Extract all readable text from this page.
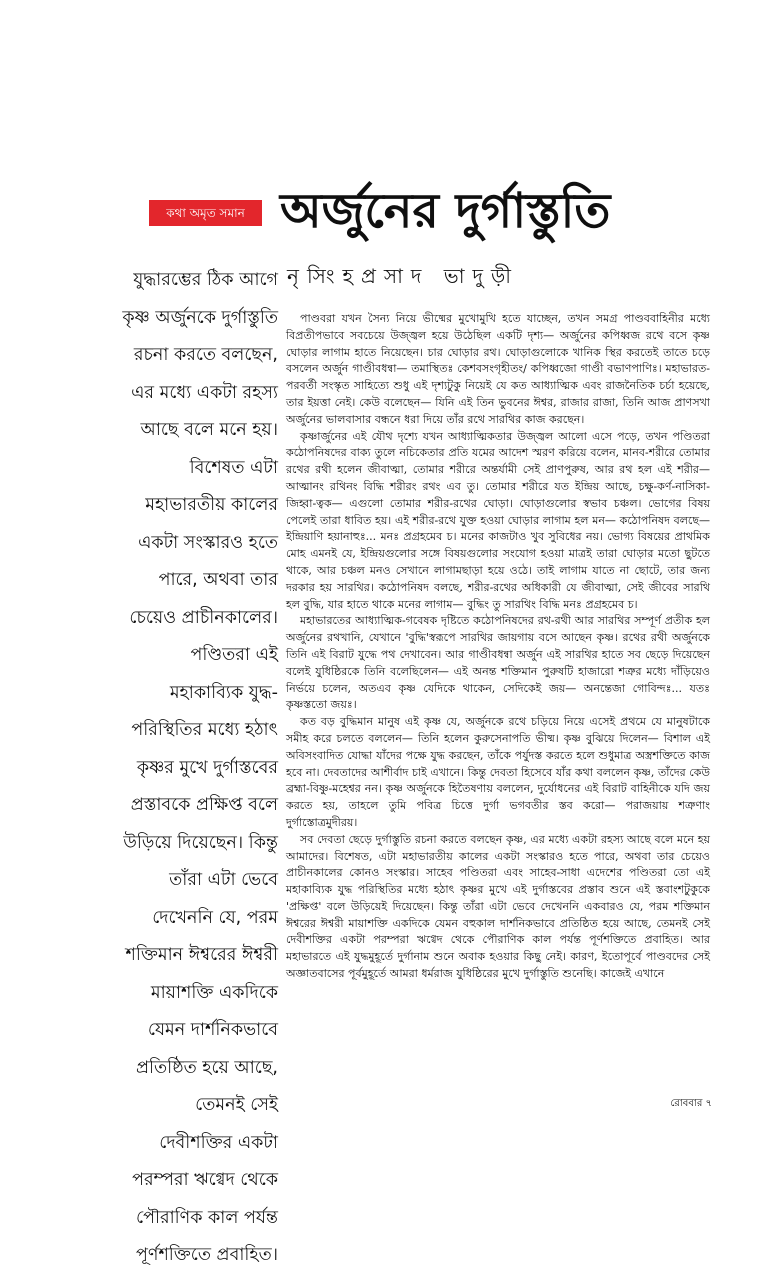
কথা অমৃত সমান অর্জুনের দুর্গাস্তুতি
নৃসিংহপ্রসাদ ভাদুড়ী
যুদ্ধারম্ভের ঠিক আগে
কৃষ্ণ অর্জুনকে দুর্গাস্তুতি
রচনা করতে বলছেন,
এর মধ্যে একটা রহস্য
আছে বলে মনে হয়।
বিশেষত এটা
মহাভারতীয় কালের
একটা সংস্কারও হতে
পারে, অথবা তার
চেয়েও প্রাচীনকালের।
পণ্ডিতরা এই
মহাকাব্যিক যুদ্ধ-
পরিস্থিতির মধ্যে হঠাৎ
কৃষ্ণর মুখে দুর্গাস্তবের
প্রস্তাবকে প্রক্ষিপ্ত বলে
উড়িয়ে দিয়েছেন। কিন্তু
তাঁরা এটা ভেবে
দেখেননি যে, পরম
শক্তিমান ঈশ্বরের ঈশ্বরী
মায়াশক্তি একদিকে
যেমন দার্শনিকভাবে
প্রতিষ্ঠিত হয়ে আছে,
তেমনই সেই
দেবীশক্তির একটা
পরম্পরা ঋগ্বেদ থেকে
পৌরাণিক কাল পর্যন্ত
পূর্ণশক্তিতে প্রবাহিত।

পাণ্ডবরা যখন সৈন্য নিয়ে ভীষ্মের মুখোমুখি হতে যাচ্ছেন, তখন সমগ্র পাণ্ডববাহিনীর মধ্যে বিপ্রতীপভাবে সবচেয়ে উজ্জ্বল হয়ে উঠেছিল একটি দৃশ্য— অর্জুনের কপিধ্বজ রথে বসে কৃষ্ণ ঘোড়ার লাগাম হাতে নিয়েছেন। চার ঘোড়ার রথ। ঘোড়াগুলোকে খানিক স্থির করতেই তাতে চড়ে বসলেন অর্জুন গাণ্ডীবধন্বা— তমাস্থিতঃ কেশবসংগৃহীতং/ কপিধ্বজো গাণ্ডী বভাণপাণিঃ। মহাভারত-পরবর্তী সংস্কৃত সাহিত্যে শুধু এই দৃশ্যটুকু নিয়েই যে কত আধ্যাত্মিক এবং রাজনৈতিক চর্চা হয়েছে, তার ইয়ত্তা নেই। কেউ বলেছেন— যিনি এই তিন ভুবনের ঈশ্বর, রাজার রাজা, তিনি আজ প্রাণসখা অর্জুনের ভালবাসার বন্ধনে ধরা দিয়ে তাঁর রথে সারথির কাজ করছেন।

কৃষ্ণার্জুনের এই যৌথ দৃশ্যে যখন আধ্যাত্মিকতার উজ্জ্বল আলো এসে পড়ে, তখন পণ্ডিতরা কঠোপনিষদের বাক্য তুলে নচিকেতার প্রতি যমের আদেশ স্মরণ করিয়ে বলেন, মানব-শরীরে তোমার রথের রথী হলেন জীবাত্মা, তোমার শরীরে অন্তর্যামী সেই প্রাণপুরুষ, আর রথ হল এই শরীর— আত্মানং রথিনং বিদ্ধি শরীরং রথং এব তু। তোমার শরীরে যত ইন্দ্রিয় আছে, চক্ষু-কর্ণ-নাসিকা-জিহ্বা-ত্বক— এগুলো তোমার শরীর-রথের ঘোড়া। ঘোড়াগুলোর স্বভাব চঞ্চল। ভোগের বিষয় পেলেই তারা ধাবিত হয়। এই শরীর-রথে যুক্ত হওয়া ঘোড়ার লাগাম হল মন— কঠোপনিষদ বলছে— ইন্দ্রিয়াণি হয়ানাহুঃ... মনঃ প্রগ্রহমেব চ। মনের কাজটাও খুব সুবিধের নয়। ভোগ্য বিষয়ের প্রাথমিক মোহ এমনই যে, ইন্দ্রিয়গুলোর সঙ্গে বিষয়গুলোর সংযোগ হওয়া মাত্রই তারা ঘোড়ার মতো ছুটতে থাকে, আর চঞ্চল মনও সেখানে লাগামছাড়া হয়ে ওঠে। তাই লাগাম যাতে না ছোটে, তার জন্য দরকার হয় সারথির। কঠোপনিষদ বলছে, শরীর-রথের অধিকারী যে জীবাত্মা, সেই জীবের সারথি হল বুদ্ধি, যার হাতে থাকে মনের লাগাম— বুদ্ধিং তু সারথিং বিদ্ধি মনঃ প্রগ্রহমেব চ।

মহাভারতের আধ্যাত্মিক-গবেষক দৃষ্টিতে কঠোপনিষদের রথ-রথী আর সারথির সম্পূর্ণ প্রতীক হল অর্জুনের রথখানি, যেখানে 'বুদ্ধি'স্বরূপে সারথির জায়গায় বসে আছেন কৃষ্ণ। রথের রথী অর্জুনকে তিনি এই বিরাট যুদ্ধে পথ দেখাবেন। আর গাণ্ডীবধন্বা অর্জুন এই সারথির হাতে সব ছেড়ে দিয়েছেন বলেই যুধিষ্ঠিরকে তিনি বলেছিলেন— এই অনন্ত শক্তিমান পুরুষটি হাজারো শত্রুর মধ্যে দাঁড়িয়েও নির্ভয়ে চলেন, অতএব কৃষ্ণ যেদিকে থাকেন, সেদিকেই জয়— অনন্তেজা গোবিন্দঃ... যতঃ কৃষ্ণস্ততো জয়ঃ।

কত বড় বুদ্ধিমান মানুষ এই কৃষ্ণ যে, অর্জুনকে রথে চড়িয়ে নিয়ে এসেই প্রথমে যে মানুষটাকে সমীহ করে চলতে বললেন— তিনি হলেন কুরুসেনাপতি ভীষ্ম। কৃষ্ণ বুঝিয়ে দিলেন— বিশাল এই অবিসংবাদিত যোদ্ধা যাঁদের পক্ষে যুদ্ধ করছেন, তাঁকে পর্যুদস্ত করতে হলে শুধুমাত্র অস্ত্রশক্তিতে কাজ হবে না। দেবতাদের আশীর্বাদ চাই এখানে। কিন্তু দেবতা হিসেবে যাঁর কথা বললেন কৃষ্ণ, তাঁদের কেউ ব্রহ্মা-বিষ্ণু-মহেশ্বর নন। কৃষ্ণ অর্জুনকে হিতৈষণায় বললেন, দুর্যোধনের এই বিরাট বাহিনীকে যদি জয় করতে হয়, তাহলে তুমি পবিত্র চিত্তে দুর্গা ভগবতীর স্তব করো— পরাজয়ায় শত্রুণাং দুর্গাস্তোত্রমুদীরয়।

সব দেবতা ছেড়ে দুর্গাস্তুতি রচনা করতে বলছেন কৃষ্ণ, এর মধ্যে একটা রহস্য আছে বলে মনে হয় আমাদের। বিশেষত, এটা মহাভারতীয় কালের একটা সংস্কারও হতে পারে, অথবা তার চেয়েও প্রাচীনকালের কোনও সংস্কার। সাহেব পণ্ডিতরা এবং সাহেব-সাধা এদেশের পণ্ডিতরা তো এই মহাকাব্যিক যুদ্ধ পরিস্থিতির মধ্যে হঠাৎ কৃষ্ণর মুখে এই দুর্গাস্তবের প্রস্তাব শুনে এই স্তবাংশটুকুকে 'প্রক্ষিপ্ত' বলে উড়িয়েই দিয়েছেন। কিন্তু তাঁরা এটা ভেবে দেখেননি একবারও যে, পরম শক্তিমান ঈশ্বরের ঈশ্বরী মায়াশক্তি একদিকে যেমন বহুকাল দার্শনিকভাবে প্রতিষ্ঠিত হয়ে আছে, তেমনই সেই দেবীশক্তির একটা পরম্পরা ঋগ্বেদ থেকে পৌরাণিক কাল পর্যন্ত পূর্ণশক্তিতে প্রবাহিত। আর মহাভারতে এই যুদ্ধমুহূর্তে দুর্গানাম শুনে অবাক হওয়ার কিছু নেই। কারণ, ইতোপূর্বে পাণ্ডবদের সেই অজ্ঞাতবাসের পূর্বমুহূর্তে আমরা ধর্মরাজ যুধিষ্ঠিরের মুখে দুর্গাস্তুতি শুনেছি। কাজেই এখানে

রোববার ৭
